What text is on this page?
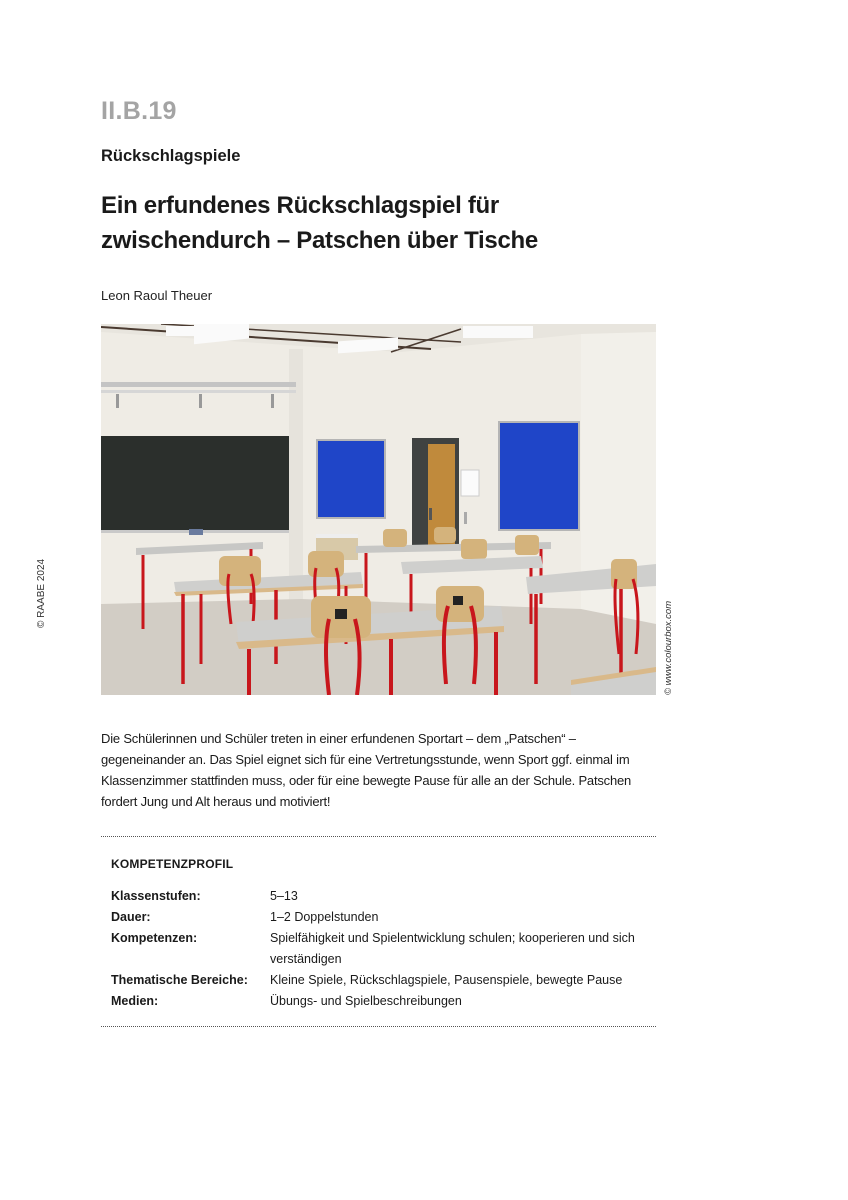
II.B.19
Rückschlagspiele
Ein erfundenes Rückschlagspiel für zwischendurch – Patschen über Tische
Leon Raoul Theuer
© www.colourbox.com
© RAABE 2024

Die Schülerinnen und Schüler treten in einer erfundenen Sportart – dem „Patschen“ – gegeneinander an. Das Spiel eignet sich für eine Vertretungsstunde, wenn Sport ggf. einmal im Klassenzimmer stattfinden muss, oder für eine bewegte Pause für alle an der Schule. Patschen fordert Jung und Alt heraus und motiviert!

KOMPETENZPROFIL
Klassenstufen:	5–13
Dauer:	1–2 Doppelstunden
Kompetenzen:	Spielfähigkeit und Spielentwicklung schulen; kooperieren und sich verständigen
Thematische Bereiche:	Kleine Spiele, Rückschlagspiele, Pausenspiele, bewegte Pause
Medien:	Übungs- und Spielbeschreibungen
